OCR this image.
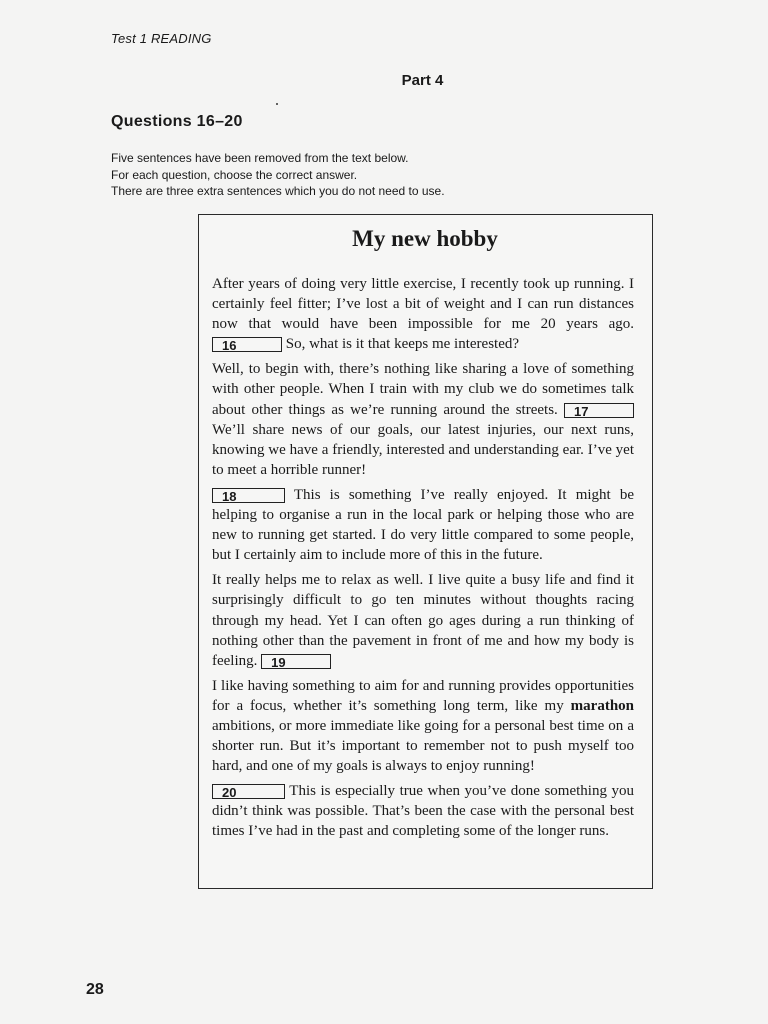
Test 1 READING
Part 4
Questions 16–20
Five sentences have been removed from the text below.
For each question, choose the correct answer.
There are three extra sentences which you do not need to use.
My new hobby

After years of doing very little exercise, I recently took up running. I certainly feel fitter; I’ve lost a bit of weight and I can run distances now that would have been impossible for me 20 years ago. 16	So, what is it that keeps me interested?

Well, to begin with, there’s nothing like sharing a love of something with other people. When I train with my club we do sometimes talk about other things as we’re running around the streets. 17 We’ll share news of our goals, our latest injuries, our next runs, knowing we have a friendly, interested and understanding ear. I’ve yet to meet a horrible runner!

18	This is something I’ve really enjoyed. It might be helping to organise a run in the local park or helping those who are new to running get started. I do very little compared to some people, but I certainly aim to include more of this in the future.

It really helps me to relax as well. I live quite a busy life and find it surprisingly difficult to go ten minutes without thoughts racing through my head. Yet I can often go ages during a run thinking of nothing other than the pavement in front of me and how my body is feeling. 19

I like having something to aim for and running provides opportunities for a focus, whether it’s something long term, like my marathon ambitions, or more immediate like going for a personal best time on a shorter run. But it’s important to remember not to push myself too hard, and one of my goals is always to enjoy running!

20	This is especially true when you’ve done something you didn’t think was possible. That’s been the case with the personal best times I’ve had in the past and completing some of the longer runs.

28
